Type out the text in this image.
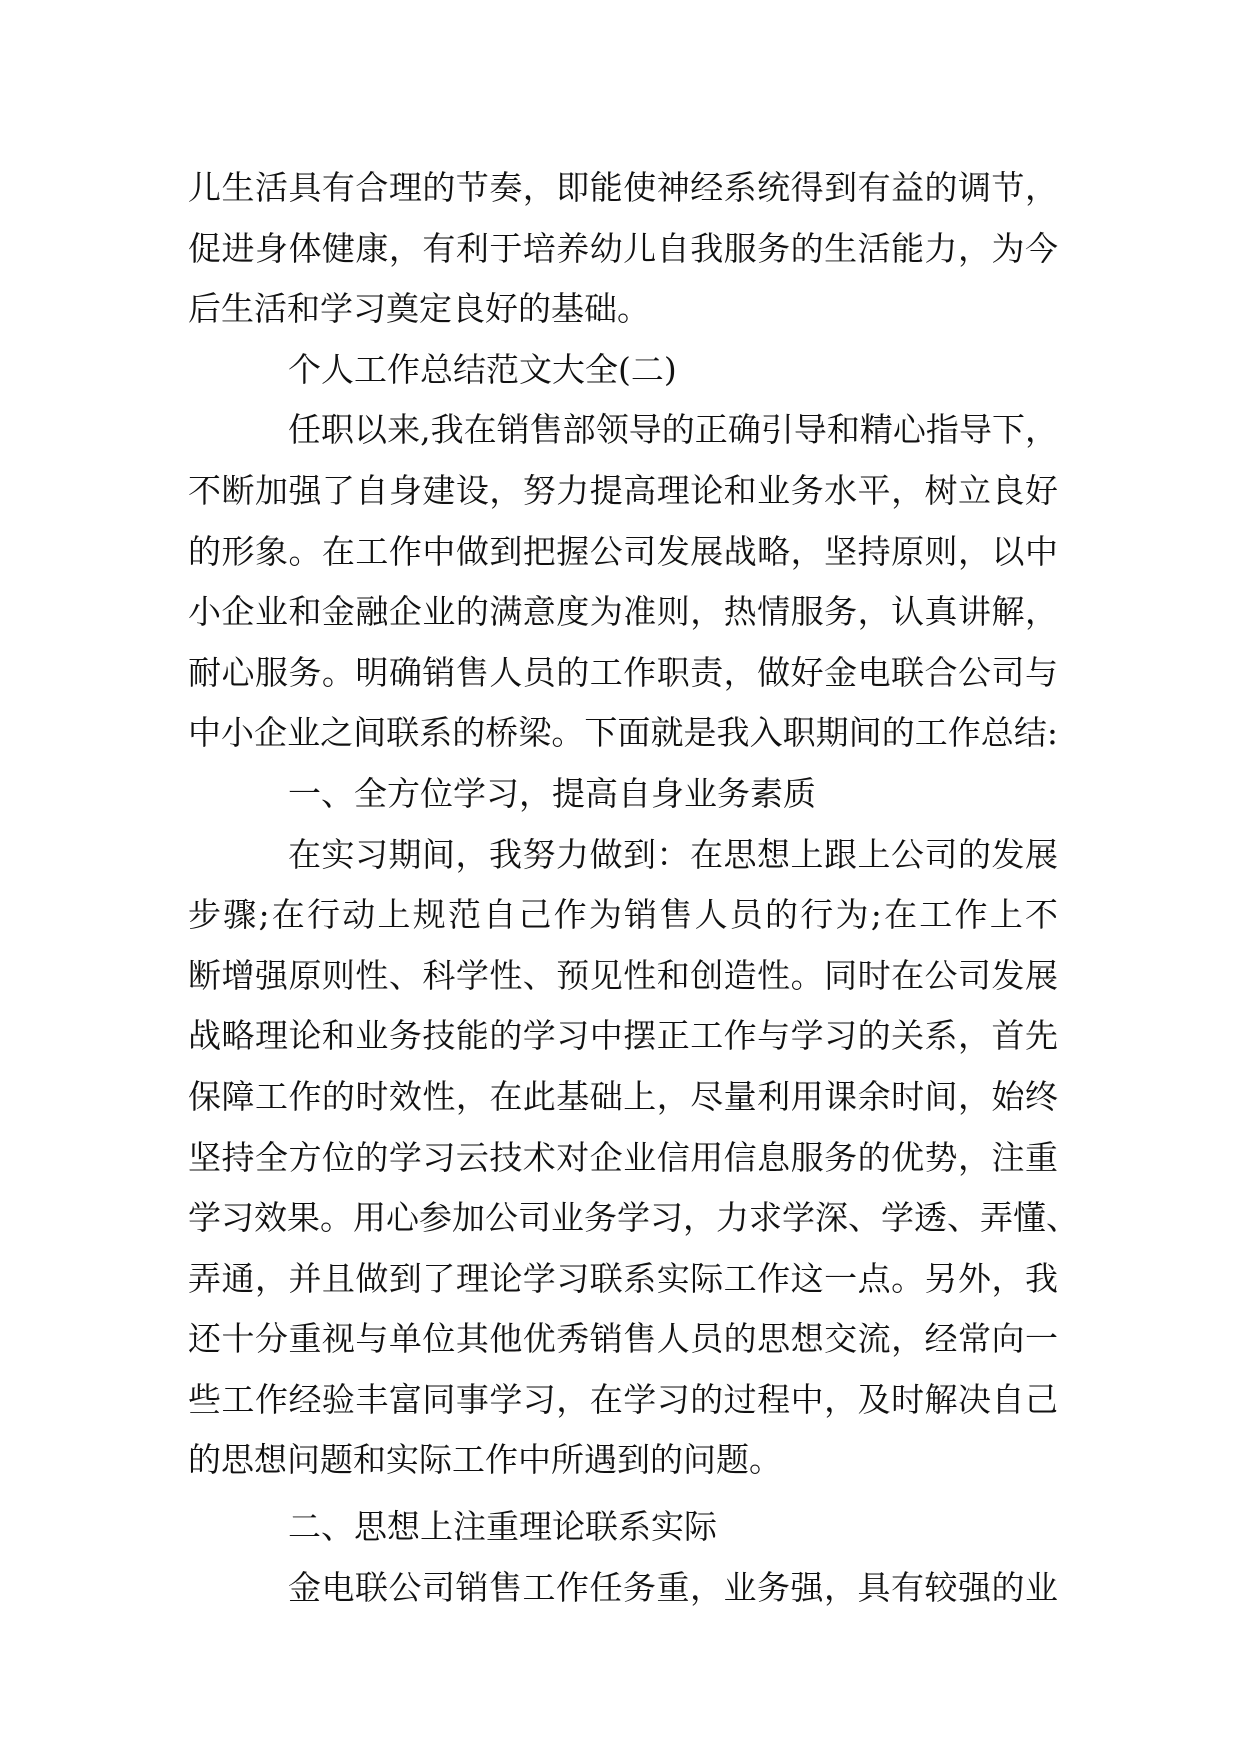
儿生活具有合理的节奏，即能使神经系统得到有益的调节，
促进身体健康，有利于培养幼儿自我服务的生活能力，为今
后生活和学习奠定良好的基础。
个人工作总结范文大全(二)
任职以来,我在销售部领导的正确引导和精心指导下，
不断加强了自身建设，努力提高理论和业务水平，树立良好
的形象。在工作中做到把握公司发展战略，坚持原则，以中
小企业和金融企业的满意度为准则，热情服务，认真讲解，
耐心服务。明确销售人员的工作职责，做好金电联合公司与
中小企业之间联系的桥梁。下面就是我入职期间的工作总结:
一、全方位学习，提高自身业务素质
在实习期间，我努力做到：在思想上跟上公司的发展
步骤;在行动上规范自己作为销售人员的行为;在工作上不
断增强原则性、科学性、预见性和创造性。同时在公司发展
战略理论和业务技能的学习中摆正工作与学习的关系，首先
保障工作的时效性，在此基础上，尽量利用课余时间，始终
坚持全方位的学习云技术对企业信用信息服务的优势，注重
学习效果。用心参加公司业务学习，力求学深、学透、弄懂、
弄通，并且做到了理论学习联系实际工作这一点。另外，我
还十分重视与单位其他优秀销售人员的思想交流，经常向一
些工作经验丰富同事学习，在学习的过程中，及时解决自己
的思想问题和实际工作中所遇到的问题。
二、思想上注重理论联系实际
金电联公司销售工作任务重，业务强，具有较强的业
